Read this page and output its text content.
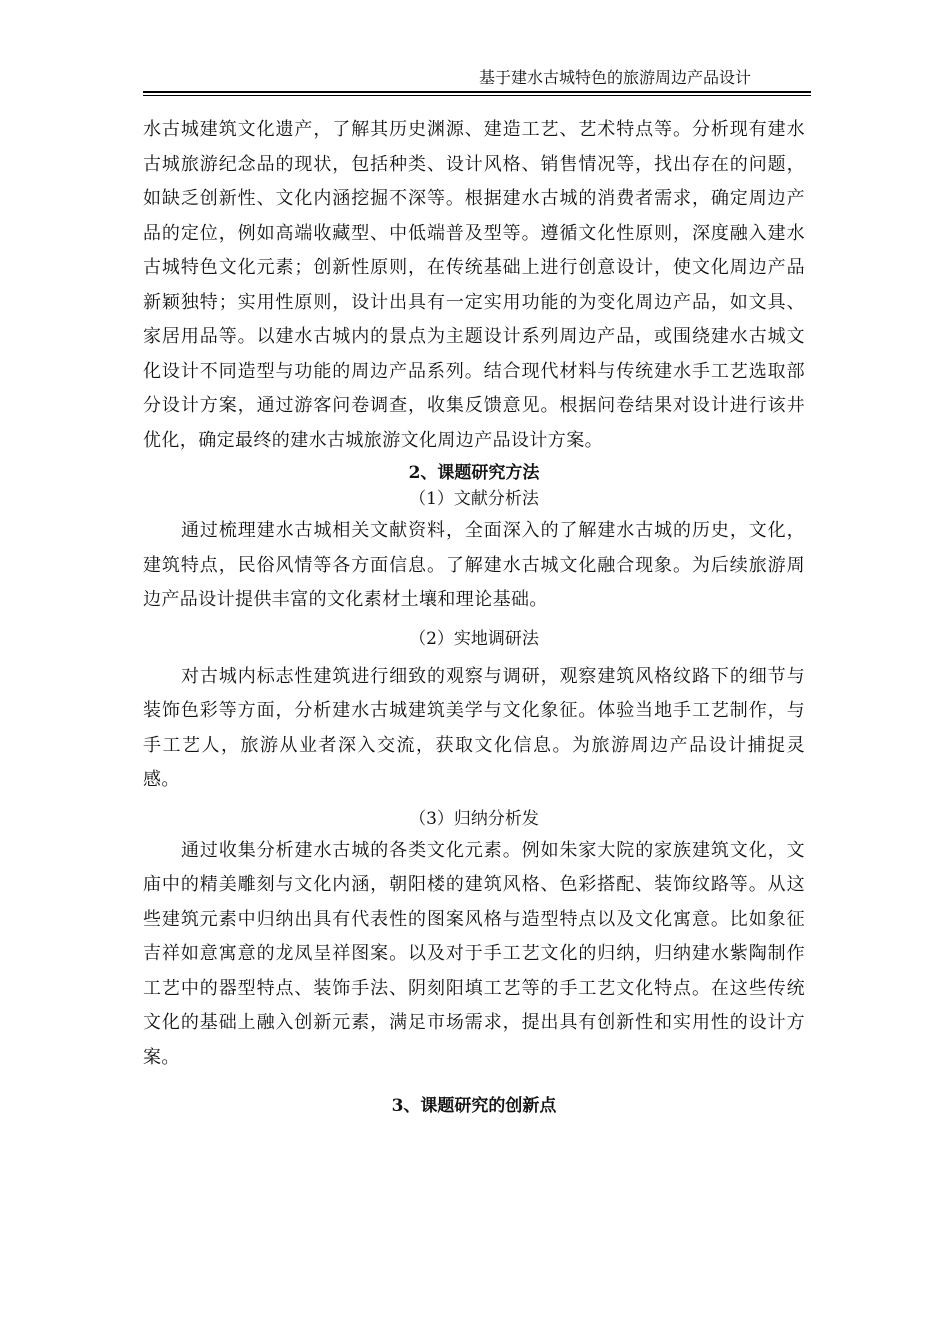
基于建水古城特色的旅游周边产品设计

水古城建筑文化遗产，了解其历史渊源、建造工艺、艺术特点等。分析现有建水古城旅游纪念品的现状，包括种类、设计风格、销售情况等，找出存在的问题，如缺乏创新性、文化内涵挖掘不深等。根据建水古城的消费者需求，确定周边产品的定位，例如高端收藏型、中低端普及型等。遵循文化性原则，深度融入建水古城特色文化元素；创新性原则，在传统基础上进行创意设计，使文化周边产品新颖独特；实用性原则，设计出具有一定实用功能的为变化周边产品，如文具、家居用品等。以建水古城内的景点为主题设计系列周边产品，或围绕建水古城文化设计不同造型与功能的周边产品系列。结合现代材料与传统建水手工艺选取部分设计方案，通过游客问卷调查，收集反馈意见。根据问卷结果对设计进行该井优化，确定最终的建水古城旅游文化周边产品设计方案。

2、课题研究方法

（1）文献分析法

通过梳理建水古城相关文献资料，全面深入的了解建水古城的历史，文化，建筑特点，民俗风情等各方面信息。了解建水古城文化融合现象。为后续旅游周边产品设计提供丰富的文化素材土壤和理论基础。

（2）实地调研法

对古城内标志性建筑进行细致的观察与调研，观察建筑风格纹路下的细节与装饰色彩等方面，分析建水古城建筑美学与文化象征。体验当地手工艺制作，与手工艺人，旅游从业者深入交流，获取文化信息。为旅游周边产品设计捕捉灵感。

（3）归纳分析发

通过收集分析建水古城的各类文化元素。例如朱家大院的家族建筑文化，文庙中的精美雕刻与文化内涵，朝阳楼的建筑风格、色彩搭配、装饰纹路等。从这些建筑元素中归纳出具有代表性的图案风格与造型特点以及文化寓意。比如象征吉祥如意寓意的龙凤呈祥图案。以及对于手工艺文化的归纳，归纳建水紫陶制作工艺中的器型特点、装饰手法、阴刻阳填工艺等的手工艺文化特点。在这些传统文化的基础上融入创新元素，满足市场需求，提出具有创新性和实用性的设计方案。

3、课题研究的创新点
